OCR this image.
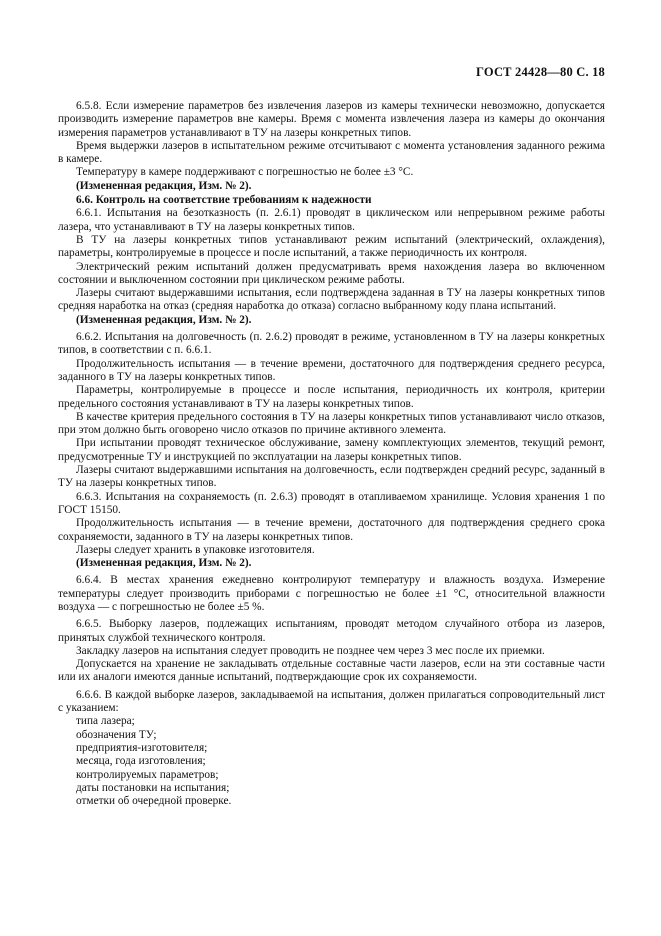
ГОСТ 24428—80 С. 18

6.5.8. Если измерение параметров без извлечения лазеров из камеры технически невозможно, допускается производить измерение параметров вне камеры. Время с момента извлечения лазера из камеры до окончания измерения параметров устанавливают в ТУ на лазеры конкретных типов.

Время выдержки лазеров в испытательном режиме отсчитывают с момента установления заданного режима в камере.

Температуру в камере поддерживают с погрешностью не более ±3 °С.

(Измененная редакция, Изм. № 2).

6.6. Контроль на соответствие требованиям к надежности

6.6.1. Испытания на безотказность (п. 2.6.1) проводят в циклическом или непрерывном режиме работы лазера, что устанавливают в ТУ на лазеры конкретных типов.

В ТУ на лазеры конкретных типов устанавливают режим испытаний (электрический, охлаждения), параметры, контролируемые в процессе и после испытаний, а также периодичность их контроля.

Электрический режим испытаний должен предусматривать время нахождения лазера во включенном состоянии и выключенном состоянии при циклическом режиме работы.

Лазеры считают выдержавшими испытания, если подтверждена заданная в ТУ на лазеры конкретных типов средняя наработка на отказ (средняя наработка до отказа) согласно выбранному коду плана испытаний.

(Измененная редакция, Изм. № 2).

6.6.2. Испытания на долговечность (п. 2.6.2) проводят в режиме, установленном в ТУ на лазеры конкретных типов, в соответствии с п. 6.6.1.

Продолжительность испытания — в течение времени, достаточного для подтверждения среднего ресурса, заданного в ТУ на лазеры конкретных типов.

Параметры, контролируемые в процессе и после испытания, периодичность их контроля, критерии предельного состояния устанавливают в ТУ на лазеры конкретных типов.

В качестве критерия предельного состояния в ТУ на лазеры конкретных типов устанавливают число отказов, при этом должно быть оговорено число отказов по причине активного элемента.

При испытании проводят техническое обслуживание, замену комплектующих элементов, текущий ремонт, предусмотренные ТУ и инструкцией по эксплуатации на лазеры конкретных типов.

Лазеры считают выдержавшими испытания на долговечность, если подтвержден средний ресурс, заданный в ТУ на лазеры конкретных типов.

6.6.3. Испытания на сохраняемость (п. 2.6.3) проводят в отапливаемом хранилище. Условия хранения 1 по ГОСТ 15150.

Продолжительность испытания — в течение времени, достаточного для подтверждения среднего срока сохраняемости, заданного в ТУ на лазеры конкретных типов.

Лазеры следует хранить в упаковке изготовителя.

(Измененная редакция, Изм. № 2).

6.6.4. В местах хранения ежедневно контролируют температуру и влажность воздуха. Измерение температуры следует производить приборами с погрешностью не более ±1 °С, относительной влажности воздуха — с погрешностью не более ±5 %.

6.6.5. Выборку лазеров, подлежащих испытаниям, проводят методом случайного отбора из лазеров, принятых службой технического контроля.

Закладку лазеров на испытания следует проводить не позднее чем через 3 мес после их приемки.

Допускается на хранение не закладывать отдельные составные части лазеров, если на эти составные части или их аналоги имеются данные испытаний, подтверждающие срок их сохраняемости.

6.6.6. В каждой выборке лазеров, закладываемой на испытания, должен прилагаться сопроводительный лист с указанием:

типа лазера;

обозначения ТУ;

предприятия-изготовителя;

месяца, года изготовления;

контролируемых параметров;

даты постановки на испытания;

отметки об очередной проверке.
